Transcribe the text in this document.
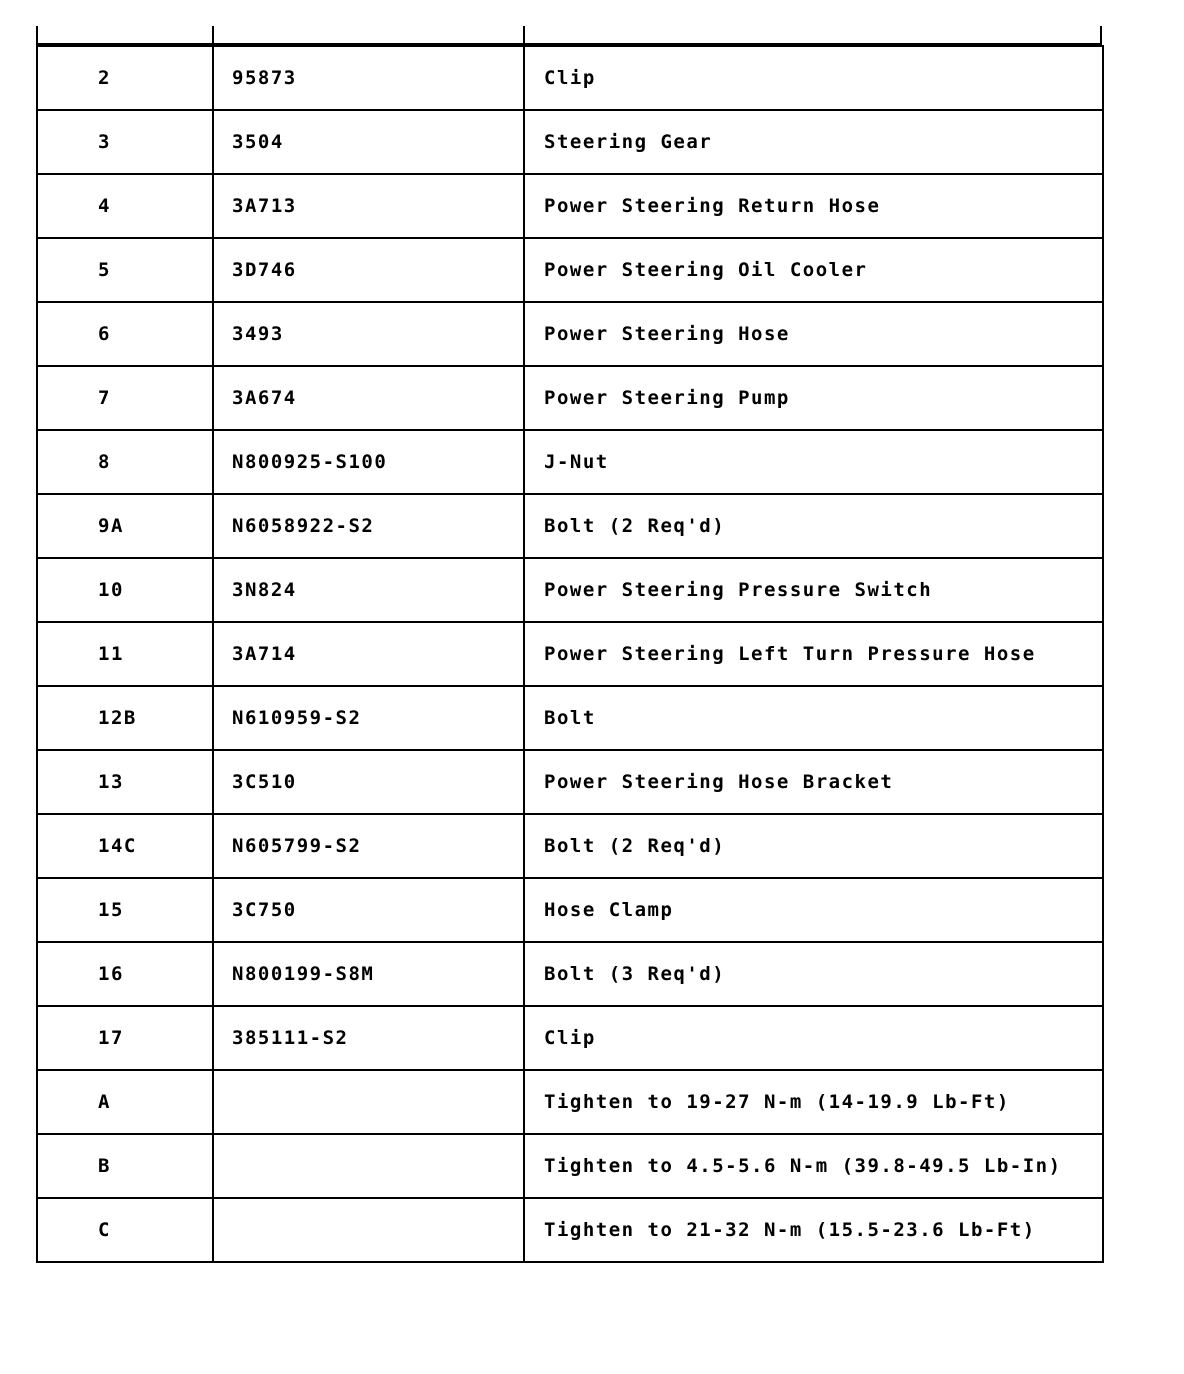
2	95873	Clip
3	3504	Steering Gear
4	3A713	Power Steering Return Hose
5	3D746	Power Steering Oil Cooler
6	3493	Power Steering Hose
7	3A674	Power Steering Pump
8	N800925-S100	J-Nut
9A	N6058922-S2	Bolt (2 Req'd)
10	3N824	Power Steering Pressure Switch
11	3A714	Power Steering Left Turn Pressure Hose
12B	N610959-S2	Bolt
13	3C510	Power Steering Hose Bracket
14C	N605799-S2	Bolt (2 Req'd)
15	3C750	Hose Clamp
16	N800199-S8M	Bolt (3 Req'd)
17	385111-S2	Clip
A		Tighten to 19-27 N-m (14-19.9 Lb-Ft)
B		Tighten to 4.5-5.6 N-m (39.8-49.5 Lb-In)
C		Tighten to 21-32 N-m (15.5-23.6 Lb-Ft)
